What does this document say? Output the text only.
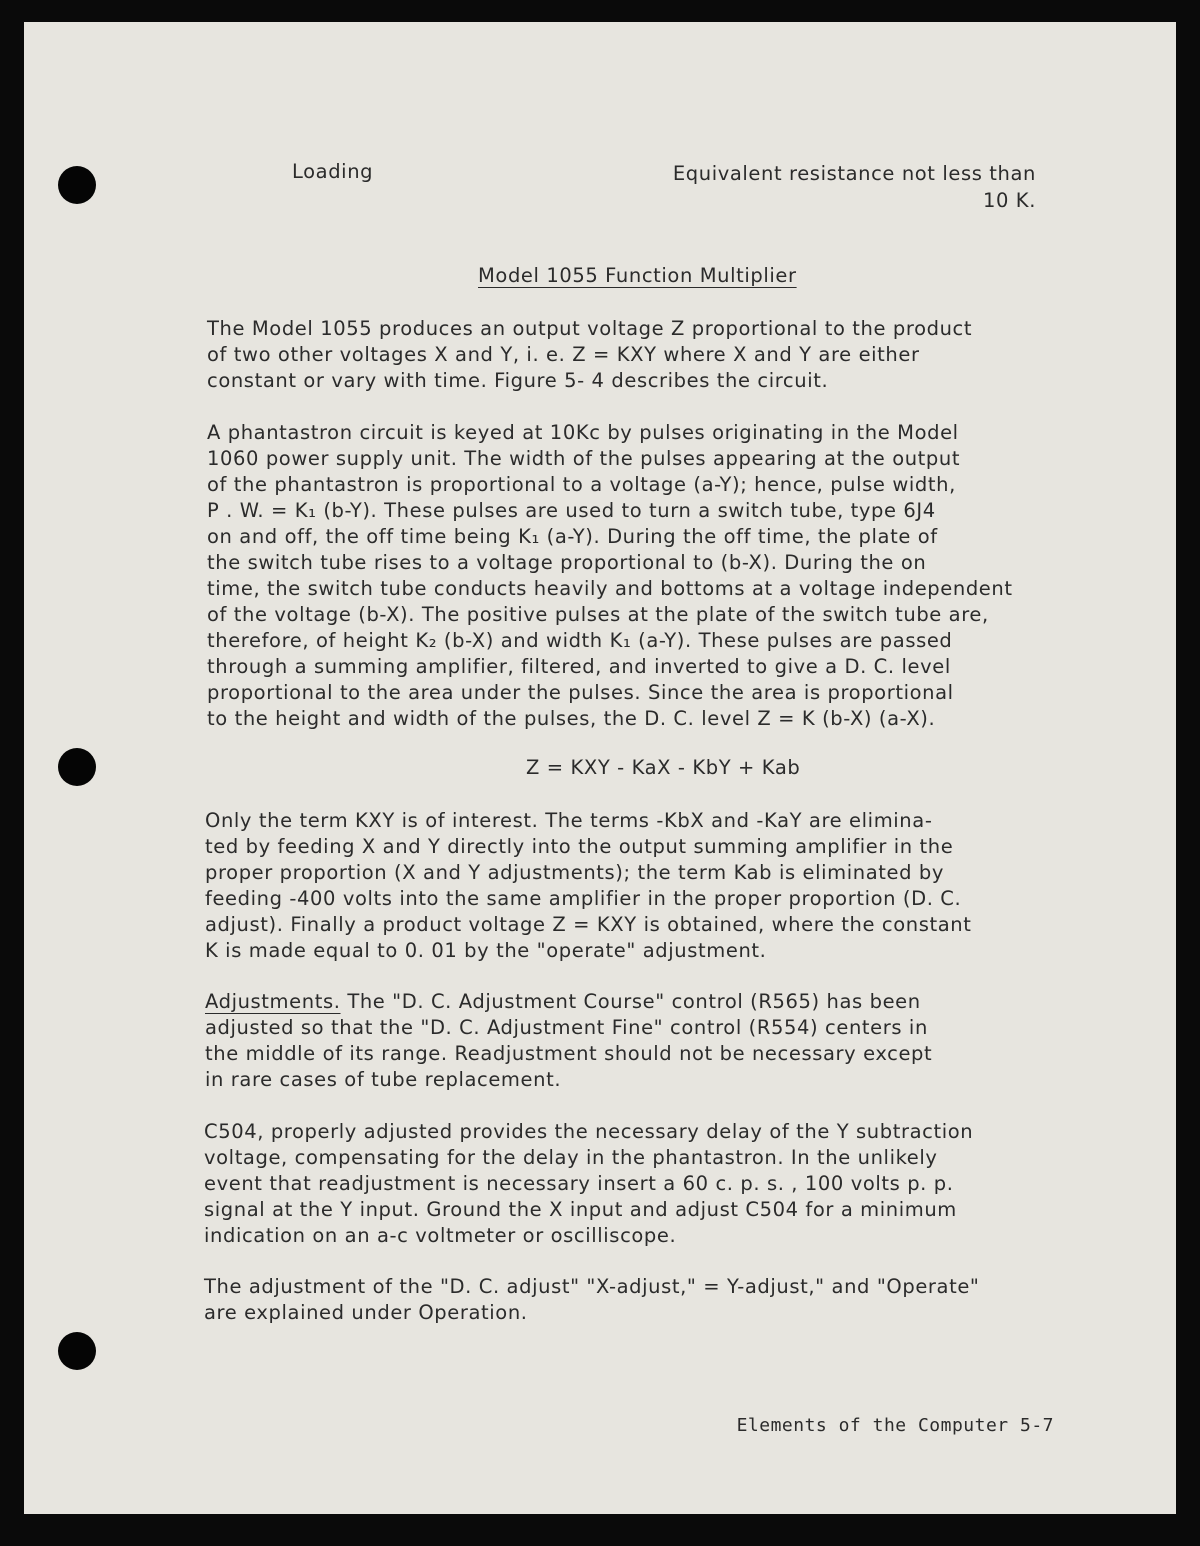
Loading	Equivalent resistance not less than
10 K.
Model 1055 Function Multiplier
The Model 1055 produces an output voltage Z proportional to the product
of two other voltages X and Y, i. e. Z = KXY where X and Y are either
constant or vary with time. Figure 5- 4 describes the circuit.
A phantastron circuit is keyed at 10Kc by pulses originating in the Model
1060 power supply unit. The width of the pulses appearing at the output
of the phantastron is proportional to a voltage (a-Y); hence, pulse width,
P . W. = K₁ (b-Y). These pulses are used to turn a switch tube, type 6J4
on and off, the off time being K₁ (a-Y). During the off time, the plate of
the switch tube rises to a voltage proportional to (b-X). During the on
time, the switch tube conducts heavily and bottoms at a voltage independent
of the voltage (b-X). The positive pulses at the plate of the switch tube are,
therefore, of height K₂ (b-X) and width K₁ (a-Y). These pulses are passed
through a summing amplifier, filtered, and inverted to give a D. C. level
proportional to the area under the pulses. Since the area is proportional
to the height and width of the pulses, the D. C. level Z = K (b-X) (a-X).
Z = KXY - KaX - KbY + Kab
Only the term KXY is of interest. The terms -KbX and -KaY are elimina-
ted by feeding X and Y directly into the output summing amplifier in the
proper proportion (X and Y adjustments); the term Kab is eliminated by
feeding -400 volts into the same amplifier in the proper proportion (D. C.
adjust). Finally a product voltage Z = KXY is obtained, where the constant
K is made equal to 0. 01 by the "operate" adjustment.
Adjustments. The "D. C. Adjustment Course" control (R565) has been
adjusted so that the "D. C. Adjustment Fine" control (R554) centers in
the middle of its range. Readjustment should not be necessary except
in rare cases of tube replacement.
C504, properly adjusted provides the necessary delay of the Y subtraction
voltage, compensating for the delay in the phantastron. In the unlikely
event that readjustment is necessary insert a 60 c. p. s. , 100 volts p. p.
signal at the Y input. Ground the X input and adjust C504 for a minimum
indication on an a-c voltmeter or oscilliscope.
The adjustment of the "D. C. adjust" "X-adjust," = Y-adjust," and "Operate"
are explained under Operation.
Elements of the Computer 5-7
